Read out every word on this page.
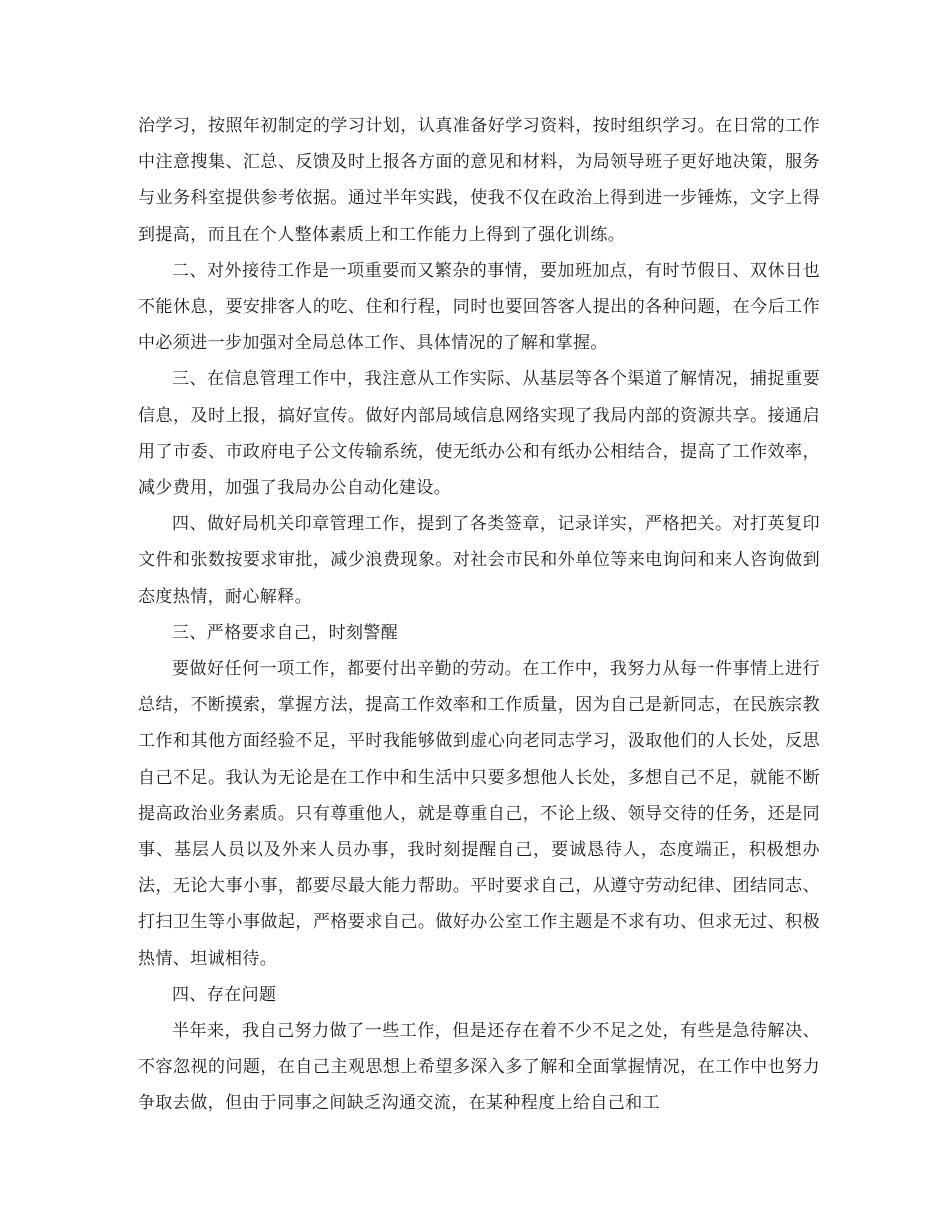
治学习，按照年初制定的学习计划，认真准备好学习资料，按时组织学习。在日常的工作中注意搜集、汇总、反馈及时上报各方面的意见和材料，为局领导班子更好地决策，服务与业务科室提供参考依据。通过半年实践，使我不仅在政治上得到进一步锤炼，文字上得到提高，而且在个人整体素质上和工作能力上得到了强化训练。

二、对外接待工作是一项重要而又繁杂的事情，要加班加点，有时节假日、双休日也不能休息，要安排客人的吃、住和行程，同时也要回答客人提出的各种问题，在今后工作中必须进一步加强对全局总体工作、具体情况的了解和掌握。

三、在信息管理工作中，我注意从工作实际、从基层等各个渠道了解情况，捕捉重要信息，及时上报，搞好宣传。做好内部局域信息网络实现了我局内部的资源共享。接通启用了市委、市政府电子公文传输系统，使无纸办公和有纸办公相结合，提高了工作效率，减少费用，加强了我局办公自动化建设。

四、做好局机关印章管理工作，提到了各类签章，记录详实，严格把关。对打英复印文件和张数按要求审批，减少浪费现象。对社会市民和外单位等来电询问和来人咨询做到态度热情，耐心解释。

三、严格要求自己，时刻警醒

要做好任何一项工作，都要付出辛勤的劳动。在工作中，我努力从每一件事情上进行总结，不断摸索，掌握方法，提高工作效率和工作质量，因为自己是新同志，在民族宗教工作和其他方面经验不足，平时我能够做到虚心向老同志学习，汲取他们的人长处，反思自己不足。我认为无论是在工作中和生活中只要多想他人长处，多想自己不足，就能不断提高政治业务素质。只有尊重他人，就是尊重自己，不论上级、领导交待的任务，还是同事、基层人员以及外来人员办事，我时刻提醒自己，要诚恳待人，态度端正，积极想办法，无论大事小事，都要尽最大能力帮助。平时要求自己，从遵守劳动纪律、团结同志、打扫卫生等小事做起，严格要求自己。做好办公室工作主题是不求有功、但求无过、积极热情、坦诚相待。

四、存在问题

半年来，我自己努力做了一些工作，但是还存在着不少不足之处，有些是急待解决、不容忽视的问题，在自己主观思想上希望多深入多了解和全面掌握情况，在工作中也努力争取去做，但由于同事之间缺乏沟通交流，在某种程度上给自己和工
